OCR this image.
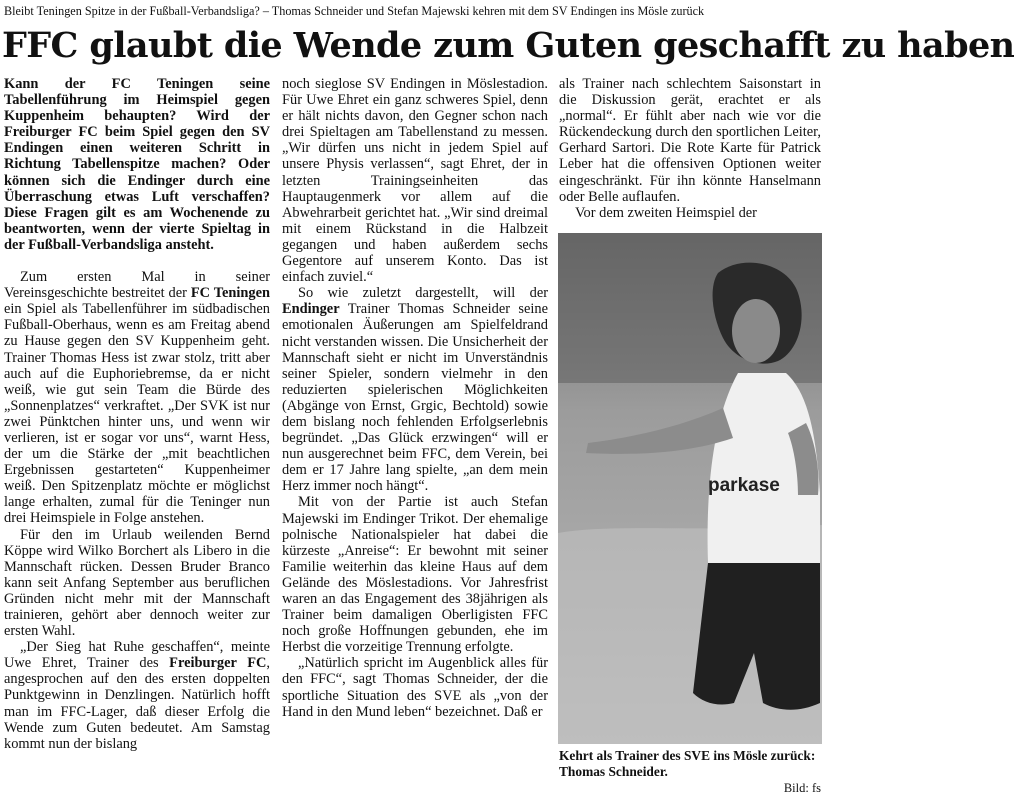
Bleibt Teningen Spitze in der Fußball-Verbandsliga? – Thomas Schneider und Stefan Majewski kehren mit dem SV Endingen ins Mösle zurück
FFC glaubt die Wende zum Guten geschafft zu haben

Kann der FC Teningen seine Tabellenführung im Heimspiel gegen Kuppenheim behaupten? Wird der Freiburger FC beim Spiel gegen den SV Endingen einen weiteren Schritt in Richtung Tabellenspitze machen? Oder können sich die Endinger durch eine Überraschung etwas Luft verschaffen? Diese Fragen gilt es am Wochenende zu beantworten, wenn der vierte Spieltag in der Fußball-Verbandsliga ansteht.

Zum ersten Mal in seiner Vereinsgeschichte bestreitet der FC Teningen ein Spiel als Tabellenführer im südbadischen Fußball-Oberhaus, wenn es am Freitag abend zu Hause gegen den SV Kuppenheim geht. Trainer Thomas Hess ist zwar stolz, tritt aber auch auf die Euphoriebremse, da er nicht weiß, wie gut sein Team die Bürde des „Sonnenplatzes“ verkraftet. „Der SVK ist nur zwei Pünktchen hinter uns, und wenn wir verlieren, ist er sogar vor uns“, warnt Hess, der um die Stärke der „mit beachtlichen Ergebnissen gestarteten“ Kuppenheimer weiß. Den Spitzenplatz möchte er möglichst lange erhalten, zumal für die Teninger nun drei Heimspiele in Folge anstehen.

Für den im Urlaub weilenden Bernd Köppe wird Wilko Borchert als Libero in die Mannschaft rücken. Dessen Bruder Branco kann seit Anfang September aus beruflichen Gründen nicht mehr mit der Mannschaft trainieren, gehört aber dennoch weiter zur ersten Wahl.

„Der Sieg hat Ruhe geschaffen“, meinte Uwe Ehret, Trainer des Freiburger FC, angesprochen auf den des ersten doppelten Punktgewinn in Denzlingen. Natürlich hofft man im FFC-Lager, daß dieser Erfolg die Wende zum Guten bedeutet. Am Samstag kommt nun der bislang

noch sieglose SV Endingen in Möslestadion. Für Uwe Ehret ein ganz schweres Spiel, denn er hält nichts davon, den Gegner schon nach drei Spieltagen am Tabellenstand zu messen. „Wir dürfen uns nicht in jedem Spiel auf unsere Physis verlassen“, sagt Ehret, der in letzten Trainingseinheiten das Hauptaugenmerk vor allem auf die Abwehrarbeit gerichtet hat. „Wir sind dreimal mit einem Rückstand in die Halbzeit gegangen und haben außerdem sechs Gegentore auf unserem Konto. Das ist einfach zuviel.“

So wie zuletzt dargestellt, will der Endinger Trainer Thomas Schneider seine emotionalen Äußerungen am Spielfeldrand nicht verstanden wissen. Die Unsicherheit der Mannschaft sieht er nicht im Unverständnis seiner Spieler, sondern vielmehr in den reduzierten spielerischen Möglichkeiten (Abgänge von Ernst, Grgic, Bechtold) sowie dem bislang noch fehlenden Erfolgserlebnis begründet. „Das Glück erzwingen“ will er nun ausgerechnet beim FFC, dem Verein, bei dem er 17 Jahre lang spielte, „an dem mein Herz immer noch hängt“.

Mit von der Partie ist auch Stefan Majewski im Endinger Trikot. Der ehemalige polnische Nationalspieler hat dabei die kürzeste „Anreise“: Er bewohnt mit seiner Familie weiterhin das kleine Haus auf dem Gelände des Möslestadions. Vor Jahresfrist waren an das Engagement des 38jährigen als Trainer beim damaligen Oberligisten FFC noch große Hoffnungen gebunden, ehe im Herbst die vorzeitige Trennung erfolgte.

„Natürlich spricht im Augenblick alles für den FFC“, sagt Thomas Schneider, der die sportliche Situation des SVE als „von der Hand in den Mund leben“ bezeichnet. Daß er

als Trainer nach schlechtem Saisonstart in die Diskussion gerät, erachtet er als „normal“. Er fühlt aber nach wie vor die Rückendeckung durch den sportlichen Leiter, Gerhard Sartori. Die Rote Karte für Patrick Leber hat die offensiven Optionen weiter eingeschränkt. Für ihn könnte Hanselmann oder Belle auflaufen.

Vor dem zweiten Heimspiel der

parkase
Kehrt als Trainer des SVE ins Mösle zurück: Thomas Schneider.
Bild: fs
